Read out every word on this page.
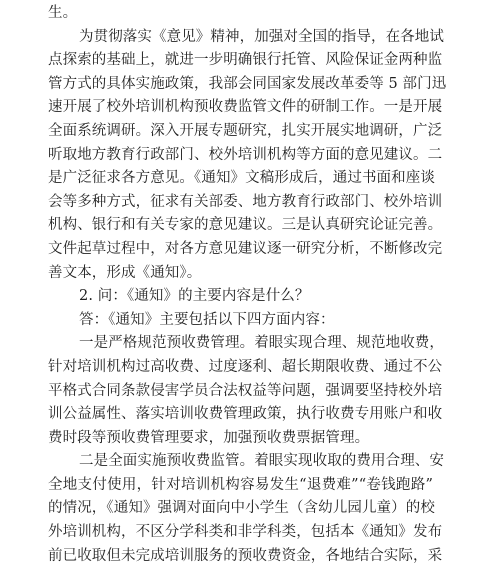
生。
为贯彻落实《意见》精神，加强对全国的指导，在各地试
点探索的基础上，就进一步明确银行托管、风险保证金两种监
管方式的具体实施政策，我部会同国家发展改革委等 5 部门迅
速开展了校外培训机构预收费监管文件的研制工作。一是开展
全面系统调研。深入开展专题研究，扎实开展实地调研，广泛
听取地方教育行政部门、校外培训机构等方面的意见建议。二
是广泛征求各方意见。《通知》文稿形成后，通过书面和座谈
会等多种方式，征求有关部委、地方教育行政部门、校外培训
机构、银行和有关专家的意见建议。三是认真研究论证完善。
文件起草过程中，对各方意见建议逐一研究分析，不断修改完
善文本，形成《通知》。
2. 问：《通知》的主要内容是什么？
答：《通知》主要包括以下四方面内容：
一是严格规范预收费管理。着眼实现合理、规范地收费，
针对培训机构过高收费、过度逐利、超长期限收费、通过不公
平格式合同条款侵害学员合法权益等问题，强调要坚持校外培
训公益属性、落实培训收费管理政策，执行收费专用账户和收
费时段等预收费管理要求，加强预收费票据管理。
二是全面实施预收费监管。着眼实现收取的费用合理、安
全地支付使用，针对培训机构容易发生“退费难”“卷钱跑路”
的情况，《通知》强调对面向中小学生（含幼儿园儿童）的校
外培训机构，不区分学科类和非学科类，包括本《通知》发布
前已收取但未完成培训服务的预收费资金，各地结合实际，采
